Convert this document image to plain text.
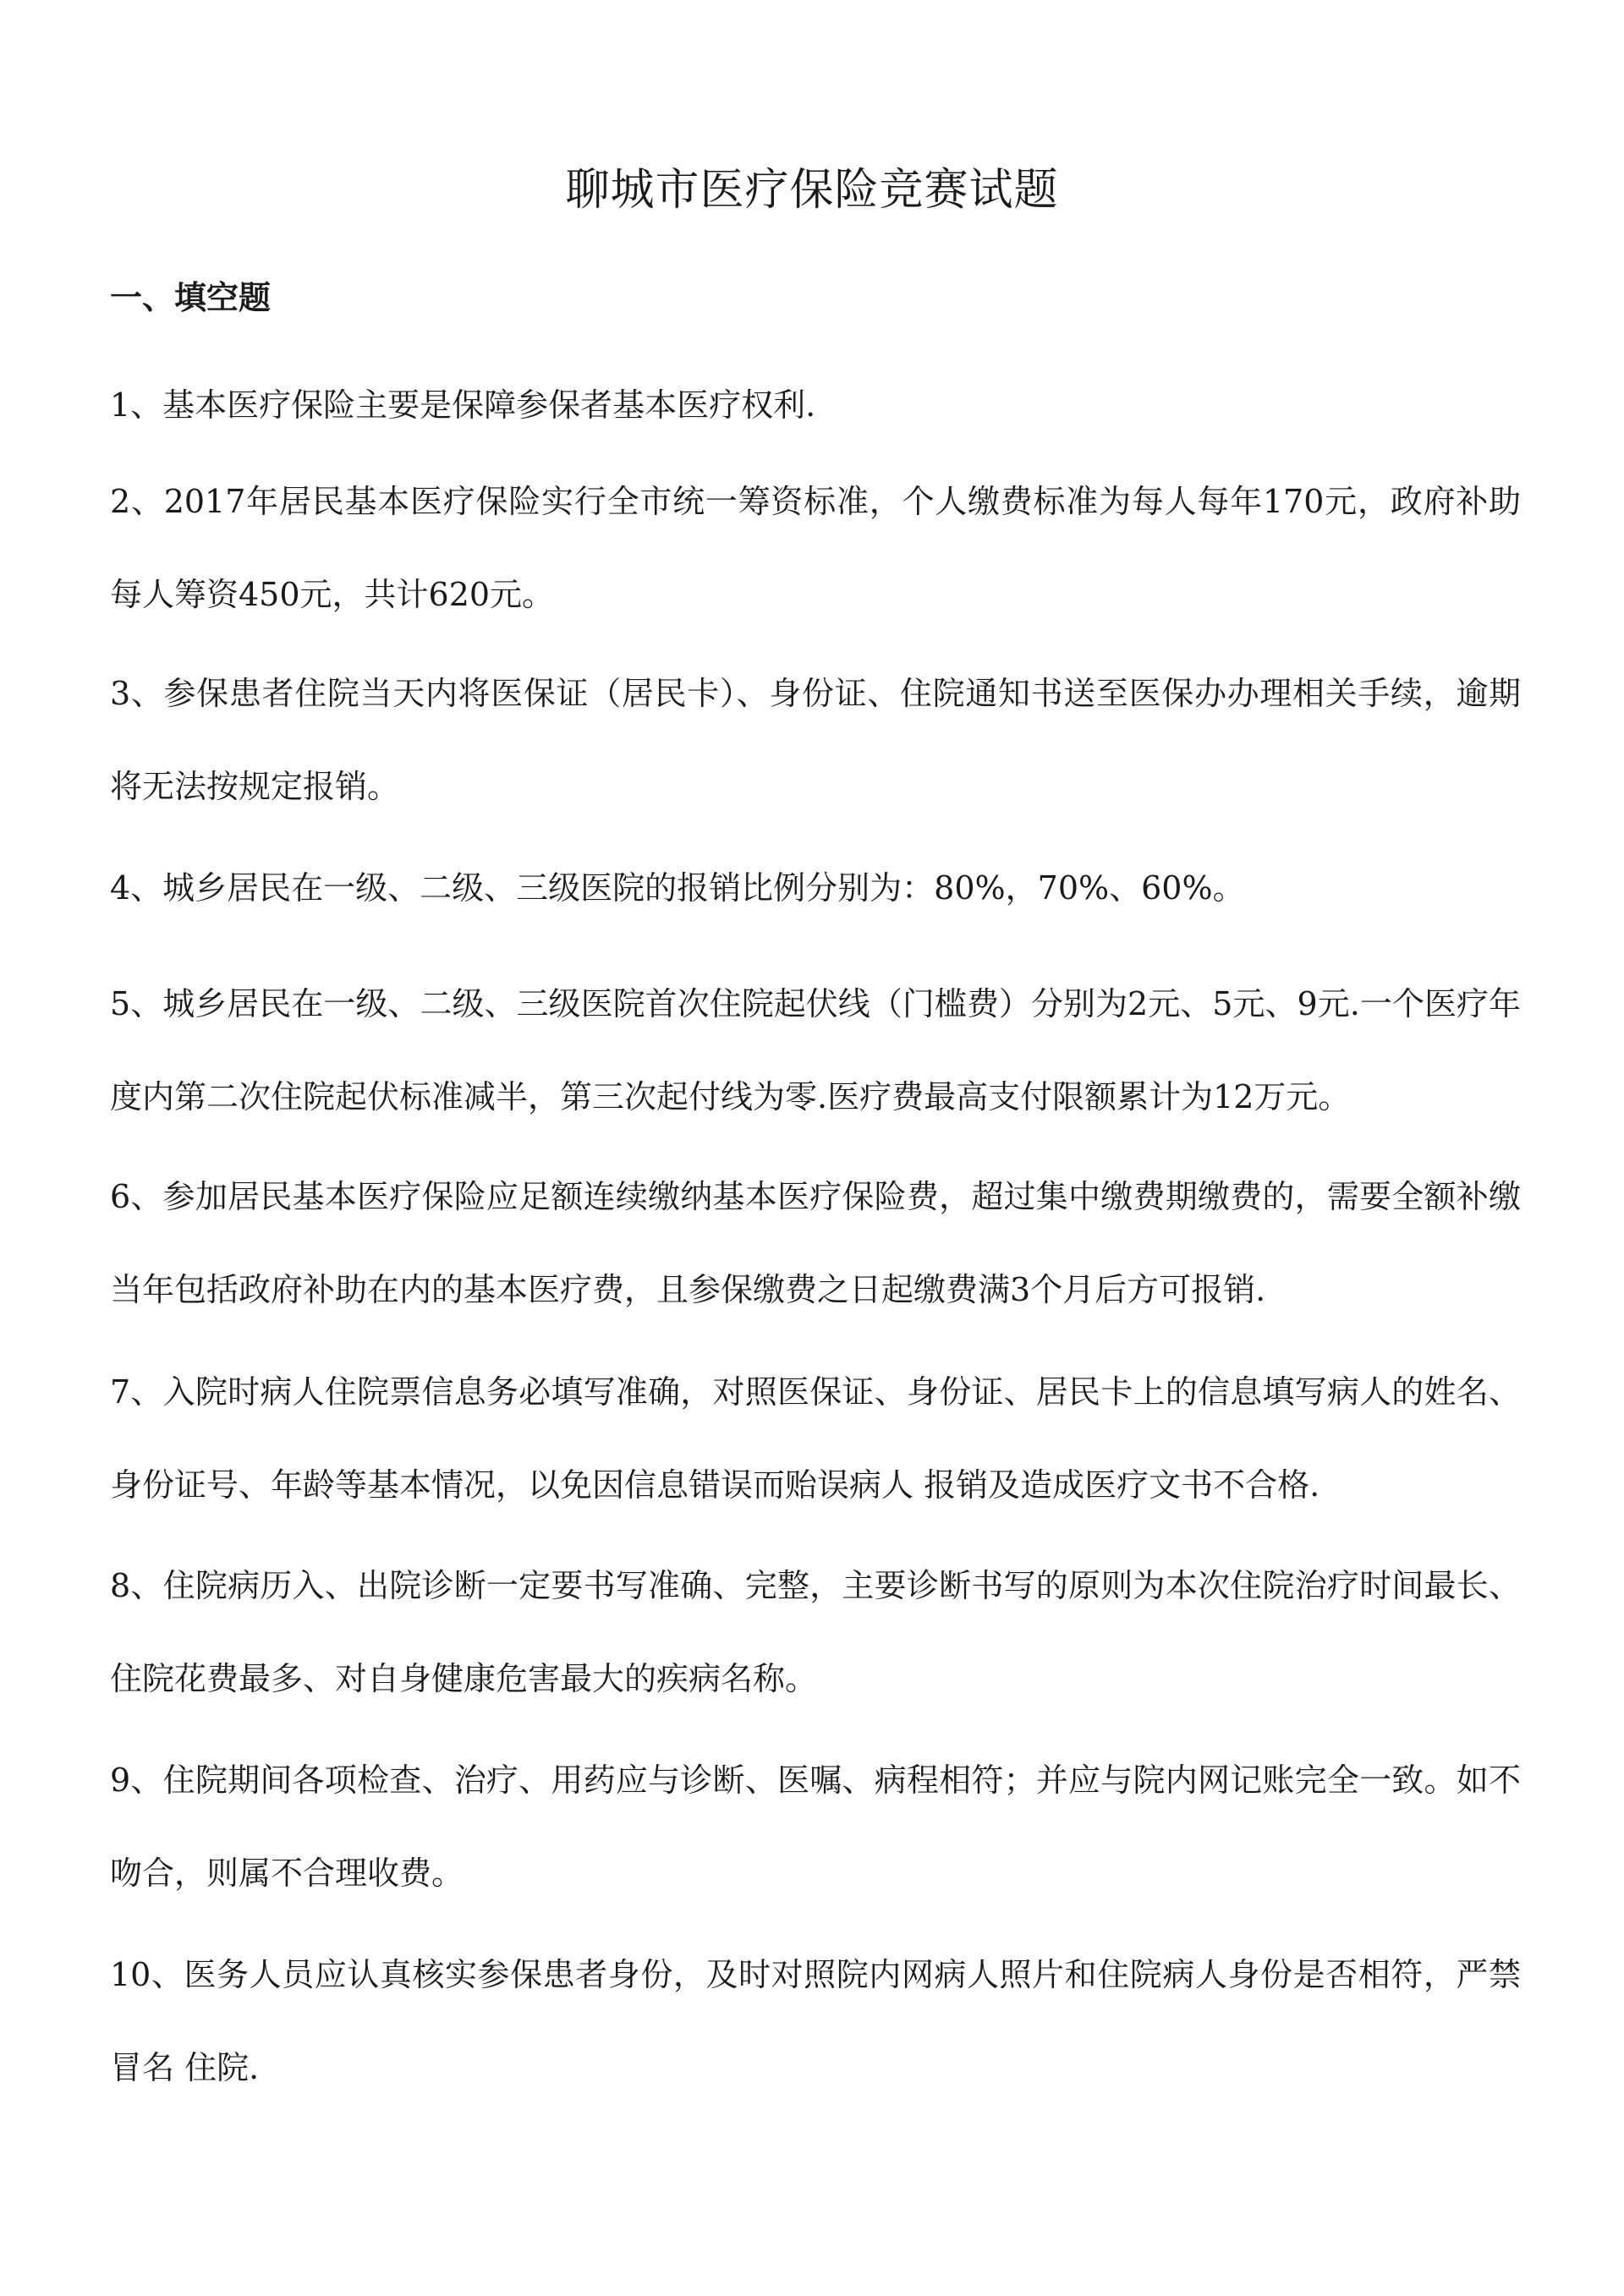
聊城市医疗保险竞赛试题
一、填空题

1、基本医疗保险主要是保障参保者基本医疗权利.

2、2017年居民基本医疗保险实行全市统一筹资标准，个人缴费标准为每人每年170元，政府补助每人筹资450元，共计620元。

3、参保患者住院当天内将医保证（居民卡）、身份证、住院通知书送至医保办办理相关手续，逾期将无法按规定报销。

4、城乡居民在一级、二级、三级医院的报销比例分别为：80%，70%、60%。

5、城乡居民在一级、二级、三级医院首次住院起伏线（门槛费）分别为2元、5元、9元.一个医疗年度内第二次住院起伏标准减半，第三次起付线为零.医疗费最高支付限额累计为12万元。

6、参加居民基本医疗保险应足额连续缴纳基本医疗保险费，超过集中缴费期缴费的，需要全额补缴当年包括政府补助在内的基本医疗费，且参保缴费之日起缴费满3个月后方可报销.

7、入院时病人住院票信息务必填写准确，对照医保证、身份证、居民卡上的信息填写病人的姓名、身份证号、年龄等基本情况，以免因信息错误而贻误病人 报销及造成医疗文书不合格.

8、住院病历入、出院诊断一定要书写准确、完整，主要诊断书写的原则为本次住院治疗时间最长、住院花费最多、对自身健康危害最大的疾病名称。

9、住院期间各项检查、治疗、用药应与诊断、医嘱、病程相符；并应与院内网记账完全一致。如不吻合，则属不合理收费。

10、医务人员应认真核实参保患者身份，及时对照院内网病人照片和住院病人身份是否相符，严禁冒名 住院.
